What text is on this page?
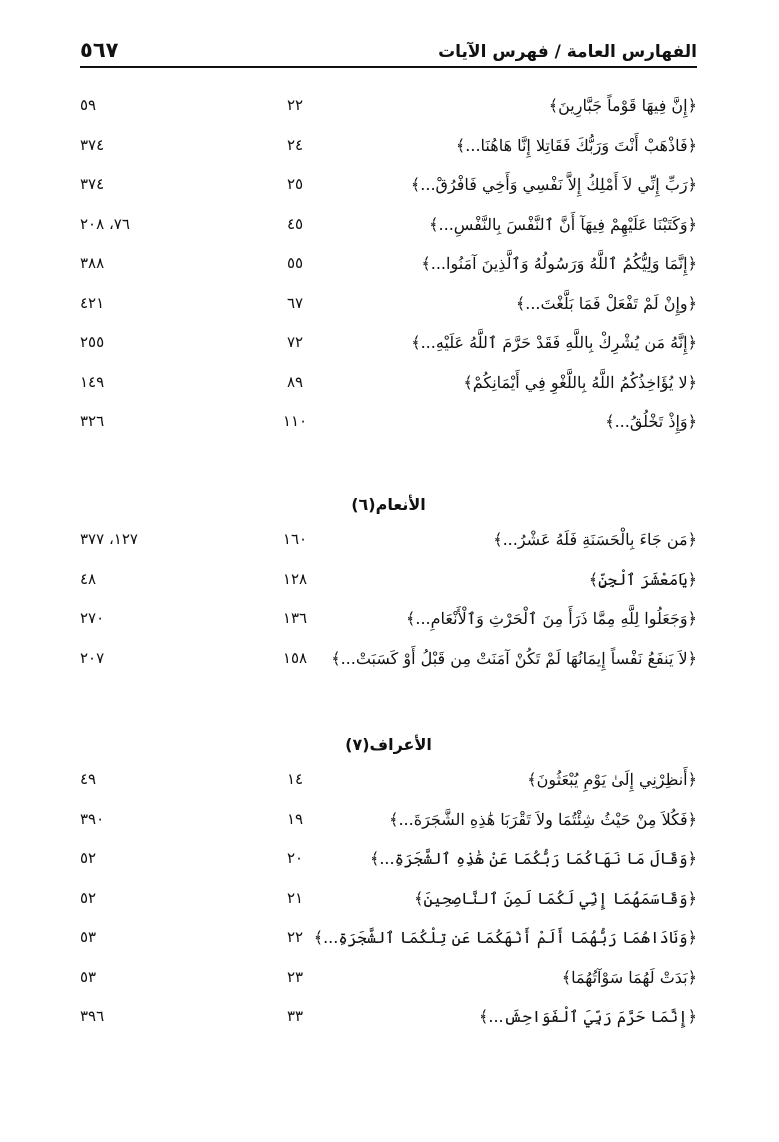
٥٦٧	الفهارس العامة / فهرس الآيات
﴿إِنَّ فِيهَا قَوْماً جَبَّارِينَ﴾
٢٢
٥٩
﴿فَاذْهَبْ أَنْتَ وَرَبُّكَ فَقَاتِلا إِنَّا هَاهُنَا...﴾
٢٤
٣٧٤
﴿رَبِّ إِنِّي لاَ أَمْلِكُ إِلاَّ نَفْسِي وَأَخِي فَافْرُقْ...﴾
٢٥
٣٧٤
﴿وَكَتَبْنَا عَلَيْهِمْ فِيهَآ أَنَّ ٱلنَّفْسَ بِالنَّفْسِ...﴾
٤٥
٧٦، ٢٠٨
﴿إِنَّمَا وَلِيُّكُمُ ٱللَّهُ وَرَسُولُهُ وَٱلَّذِينَ آمَنُوا...﴾
٥٥
٣٨٨
﴿وإِنْ لَمْ تَفْعَلْ فَمَا بَلَّغْتَ...﴾
٦٧
٤٢١
﴿إِنَّهُ مَن يُشْرِكْ بِاللَّهِ فَقَدْ حَرَّمَ ٱللَّهُ عَلَيْهِ...﴾
٧٢
٢٥٥
﴿لا يُؤَاخِذُكُمُ اللَّهُ بِاللَّغْوِ فِي أَيْمَانِكُمْ﴾
٨٩
١٤٩
﴿وَإِذْ تَخْلُقُ...﴾
١١٠
٣٢٦
الأنعام(٦)
﴿مَن جَاءَ بِالْحَسَنَةِ فَلَهُ عَشْرُ...﴾
١٦٠
١٢٧، ٣٧٧
﴿يَامَعْشَرَ ٱلْجِنِّ﴾
١٢٨
٤٨
﴿وَجَعَلُوا لِلَّهِ مِمَّا ذَرَأَ مِنَ ٱلْحَرْثِ وَٱلْأَنْعَامِ...﴾
١٣٦
٢٧٠
﴿لاَ يَنفَعُ نَفْساً إِيمَانُهَا لَمْ تَكُنْ آمَنَتْ مِن قَبْلُ أَوْ كَسَبَتْ...﴾
١٥٨
٢٠٧
الأعراف(٧)
﴿أَنظِرْنِي إِلَىٰ يَوْمِ يُبْعَثُونَ﴾
١٤
٤٩
﴿فَكُلاَ مِنْ حَيْثُ شِئْتُمَا ولاَ تَقْرَبَا هَٰذِهِ الشَّجَرَةَ...﴾
١٩
٣٩٠
﴿وَقَالَ مَا نَهَاكُمَا رَبُّكُمَا عَنْ هَٰذِهِ ٱلشَّجَرَةِ...﴾
٢٠
٥٢
﴿وَقَاسَمَهُمَا إِنِّي لَكُمَا لَمِنَ ٱلنَّاصِحِينَ﴾
٢١
٥٢
﴿وَنَادَاهُمَا رَبُّهُمَا أَلَمْ أَنْهَكُمَا عَن تِلْكُمَا ٱلشَّجَرَةِ...﴾
٢٢
٥٣
﴿بَدَتْ لَهُمَا سَوْآتُهُمَا﴾
٢٣
٥٣
﴿إِنَّمَا حَرَّمَ رَبِّيَ ٱلْفَوَاحِشَ...﴾
٣٣
٣٩٦
